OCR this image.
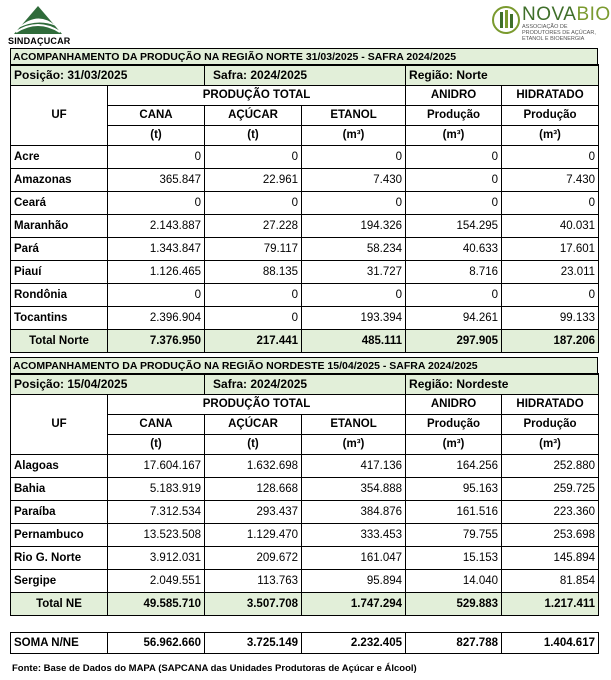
SINDAÇUCAR
NOVABIO
ASSOCIAÇÃO DE PRODUTORES DE AÇÚCAR, ETANOL E BIOENERGIA
ACOMPANHAMENTO DA PRODUÇÃO NA REGIÃO NORTE 31/03/2025 - SAFRA 2024/2025
Posição: 31/03/2025		Safra: 2024/2025		Região: Norte	
UF	PRODUÇÃO TOTAL			ANIDRO	HIDRATADO
	CANA	AÇÚCAR	ETANOL	Produção	Produção
	(t)	(t)	(m³)	(m³)	(m³)
Acre	0	0	0	0	0
Amazonas	365.847	22.961	7.430	0	7.430
Ceará	0	0	0	0	0
Maranhão	2.143.887	27.228	194.326	154.295	40.031
Pará	1.343.847	79.117	58.234	40.633	17.601
Piauí	1.126.465	88.135	31.727	8.716	23.011
Rondônia	0	0	0	0	0
Tocantins	2.396.904	0	193.394	94.261	99.133
Total Norte	7.376.950	217.441	485.111	297.905	187.206
ACOMPANHAMENTO DA PRODUÇÃO NA REGIÃO NORDESTE 15/04/2025 - SAFRA 2024/2025
Posição: 15/04/2025		Safra: 2024/2025		Região: Nordeste	
UF	PRODUÇÃO TOTAL			ANIDRO	HIDRATADO
	CANA	AÇÚCAR	ETANOL	Produção	Produção
	(t)	(t)	(m³)	(m³)	(m³)
Alagoas	17.604.167	1.632.698	417.136	164.256	252.880
Bahia	5.183.919	128.668	354.888	95.163	259.725
Paraíba	7.312.534	293.437	384.876	161.516	223.360
Pernambuco	13.523.508	1.129.470	333.453	79.755	253.698
Rio G. Norte	3.912.031	209.672	161.047	15.153	145.894
Sergipe	2.049.551	113.763	95.894	14.040	81.854
Total NE	49.585.710	3.507.708	1.747.294	529.883	1.217.411
SOMA N/NE	56.962.660	3.725.149	2.232.405	827.788	1.404.617
Fonte: Base de Dados do MAPA (SAPCANA das Unidades Produtoras de Açúcar e Álcool)
